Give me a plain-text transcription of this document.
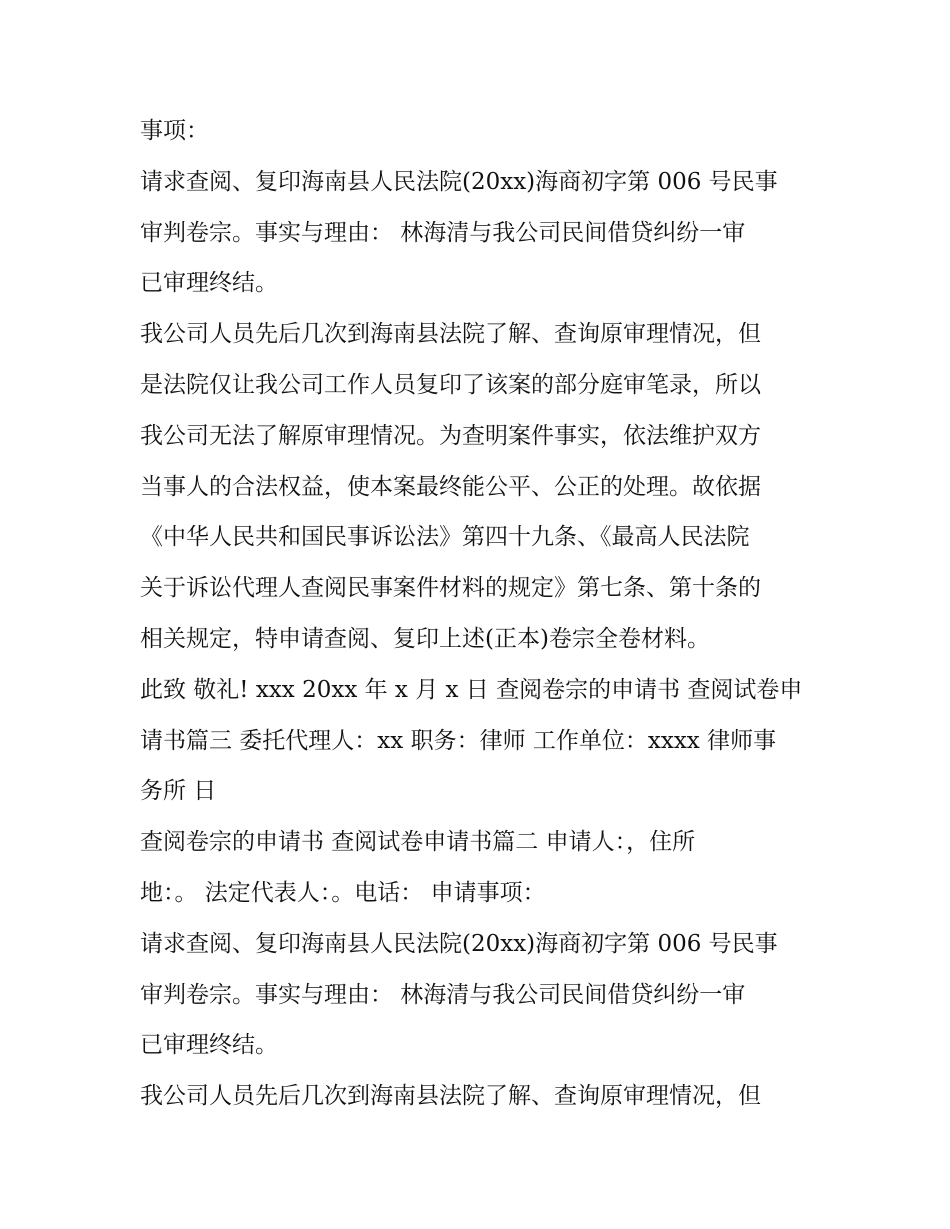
事项：
请求查阅、复印海南县人民法院(20xx)海商初字第 006 号民事
审判卷宗。事实与理由： 林海清与我公司民间借贷纠纷一审
已审理终结。
我公司人员先后几次到海南县法院了解、查询原审理情况，但
是法院仅让我公司工作人员复印了该案的部分庭审笔录，所以
我公司无法了解原审理情况。为查明案件事实，依法维护双方
当事人的合法权益，使本案最终能公平、公正的处理。故依据
《中华人民共和国民事诉讼法》第四十九条、《最高人民法院
关于诉讼代理人查阅民事案件材料的规定》第七条、第十条的
相关规定，特申请查阅、复印上述(正本)卷宗全卷材料。
此致 敬礼! xxx 20xx 年 x 月 x 日 查阅卷宗的申请书 查阅试卷申
请书篇三 委托代理人：xx 职务：律师 工作单位：xxxx 律师事
务所 日
查阅卷宗的申请书 查阅试卷申请书篇二 申请人：，住所
地：。 法定代表人：。电话： 申请事项：
请求查阅、复印海南县人民法院(20xx)海商初字第 006 号民事
审判卷宗。事实与理由： 林海清与我公司民间借贷纠纷一审
已审理终结。
我公司人员先后几次到海南县法院了解、查询原审理情况，但
